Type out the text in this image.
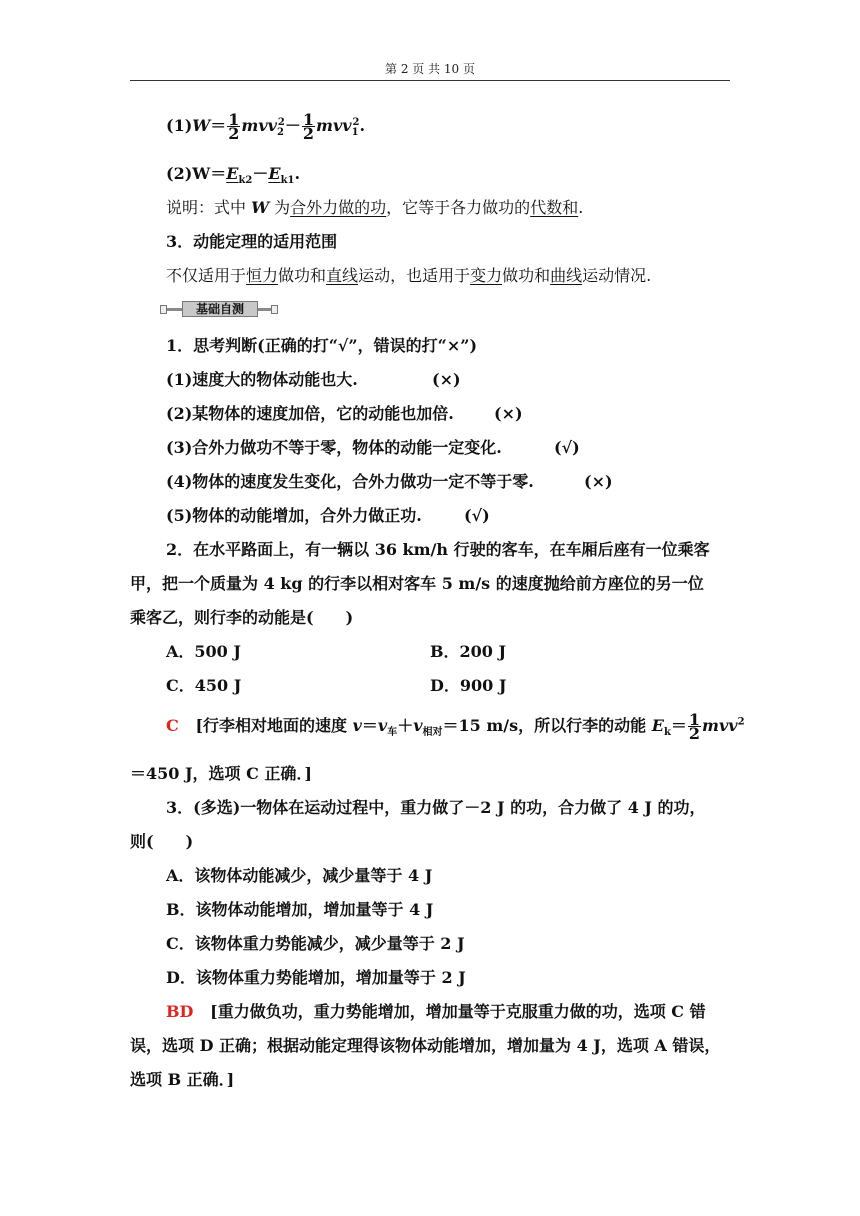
第 2 页 共 10 页
$(1)W= \frac{1}{2} mvv_2^2- \frac{1}{2} mvv_1^2$.
$(2)W=E_{k2}-E_{k1}$.
说明：式中 W 为合外力做的功，它等于各力做功的代数和.
3．动能定理的适用范围
不仅适用于恒力做功和直线运动，也适用于变力做功和曲线运动情况.
基础自测
1．思考判断(正确的打“√”，错误的打“×”)
(1)速度大的物体动能也大.	(×)
(2)某物体的速度加倍，它的动能也加倍.	(×)
(3)合外力做功不等于零，物体的动能一定变化.	(√)
(4)物体的速度发生变化，合外力做功一定不等于零.	(×)
(5)物体的动能增加，合外力做正功.	(√)
2．在水平路面上，有一辆以 36 km/h 行驶的客车，在车厢后座有一位乘客
甲，把一个质量为 4 kg 的行李以相对客车 5 m/s 的速度抛给前方座位的另一位
乘客乙，则行李的动能是(　　)
A．500 J	B．200 J
C．450 J	D．900 J
C [行李相对地面的速度 $v=v_车+v_{相对}=15$ m/s，所以行李的动能 $E_k= \frac{1}{2} mvv^2$
＝450 J，选项 C 正确．]
3．(多选)一物体在运动过程中，重力做了－2 J 的功，合力做了 4 J 的功，
则(　　)
A．该物体动能减少，减少量等于 4 J
B．该物体动能增加，增加量等于 4 J
C．该物体重力势能减少，减少量等于 2 J
D．该物体重力势能增加，增加量等于 2 J
BD [重力做负功，重力势能增加，增加量等于克服重力做的功，选项 C 错
误，选项 D 正确；根据动能定理得该物体动能增加，增加量为 4 J，选项 A 错误，
选项 B 正确．]
